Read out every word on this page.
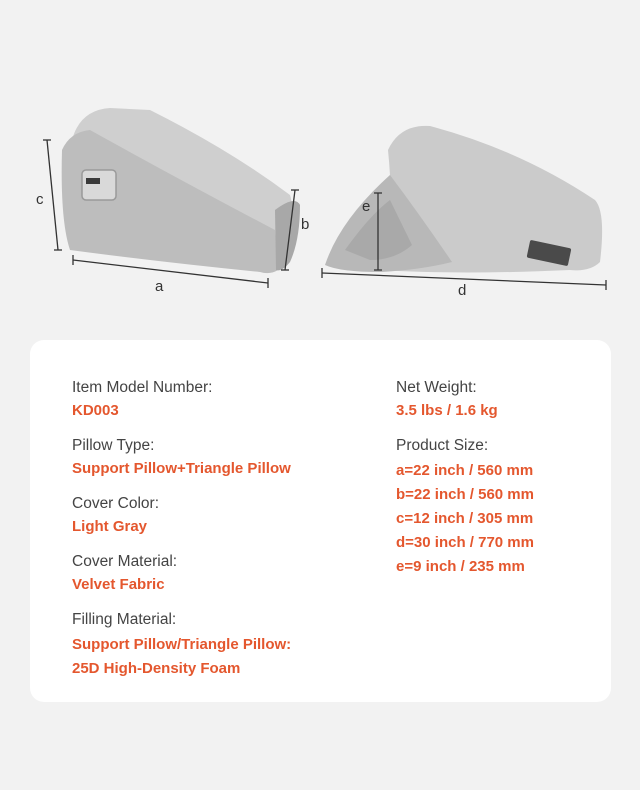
c
a
b
d
e

Item Model Number:

KD003

Pillow Type:

Support Pillow+Triangle Pillow

Cover Color:

Light Gray

Cover Material:

Velvet Fabric

Filling Material:

Support Pillow/Triangle Pillow:

25D High-Density Foam

Net Weight:

3.5 lbs / 1.6 kg

Product Size:

a=22 inch / 560 mm
b=22 inch / 560 mm
c=12 inch / 305 mm
d=30 inch / 770 mm
e=9 inch / 235 mm
